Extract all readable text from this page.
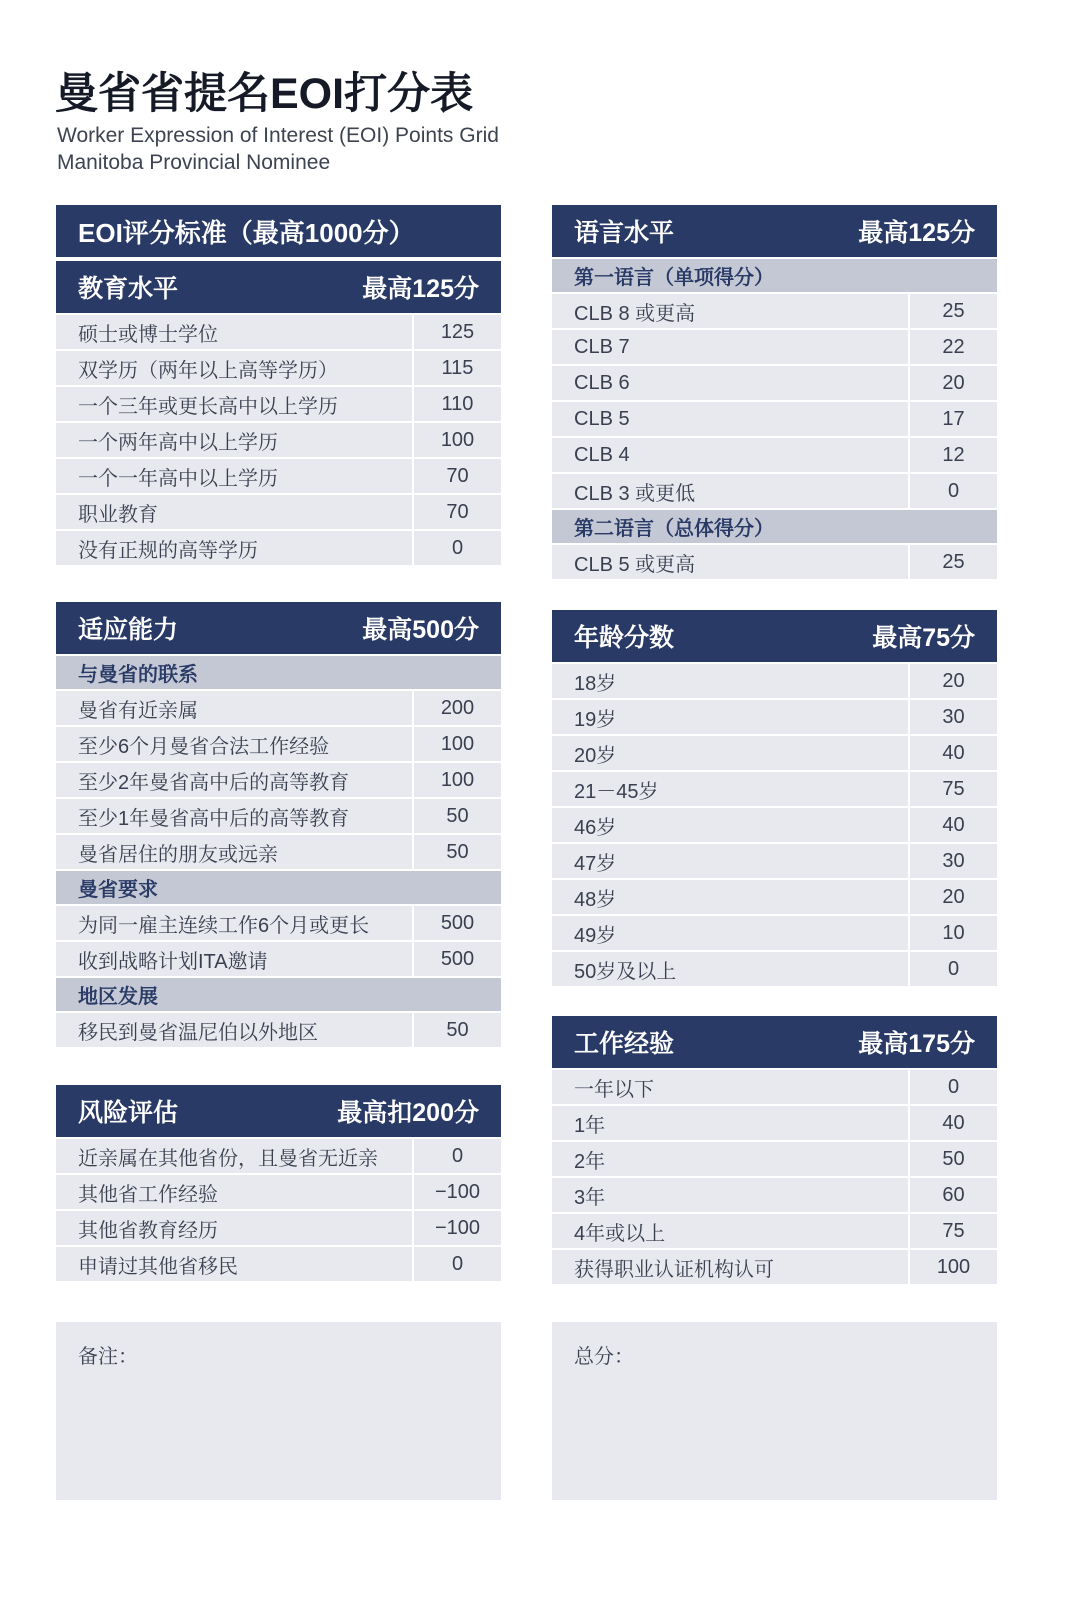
曼省省提名EOI打分表
Worker Expression of Interest (EOI) Points Grid
Manitoba Provincial Nominee
EOI评分标准（最高1000分）
教育水平	最高125分
硕士或博士学位	125
双学历（两年以上高等学历）	115
一个三年或更长高中以上学历	110
一个两年高中以上学历	100
一个一年高中以上学历	70
职业教育	70
没有正规的高等学历	0
适应能力	最高500分
与曼省的联系
曼省有近亲属	200
至少6个月曼省合法工作经验	100
至少2年曼省高中后的高等教育	100
至少1年曼省高中后的高等教育	50
曼省居住的朋友或远亲	50
曼省要求
为同一雇主连续工作6个月或更长	500
收到战略计划ITA邀请	500
地区发展
移民到曼省温尼伯以外地区	50
风险评估	最高扣200分
近亲属在其他省份，且曼省无近亲	0
其他省工作经验	−100
其他省教育经历	−100
申请过其他省移民	0
备注：
语言水平	最高125分
第一语言（单项得分）
CLB 8 或更高	25
CLB 7	22
CLB 6	20
CLB 5	17
CLB 4	12
CLB 3 或更低	0
第二语言（总体得分）
CLB 5 或更高	25
年龄分数	最高75分
18岁	20
19岁	30
20岁	40
21－45岁	75
46岁	40
47岁	30
48岁	20
49岁	10
50岁及以上	0
工作经验	最高175分
一年以下	0
1年	40
2年	50
3年	60
4年或以上	75
获得职业认证机构认可	100
总分：
